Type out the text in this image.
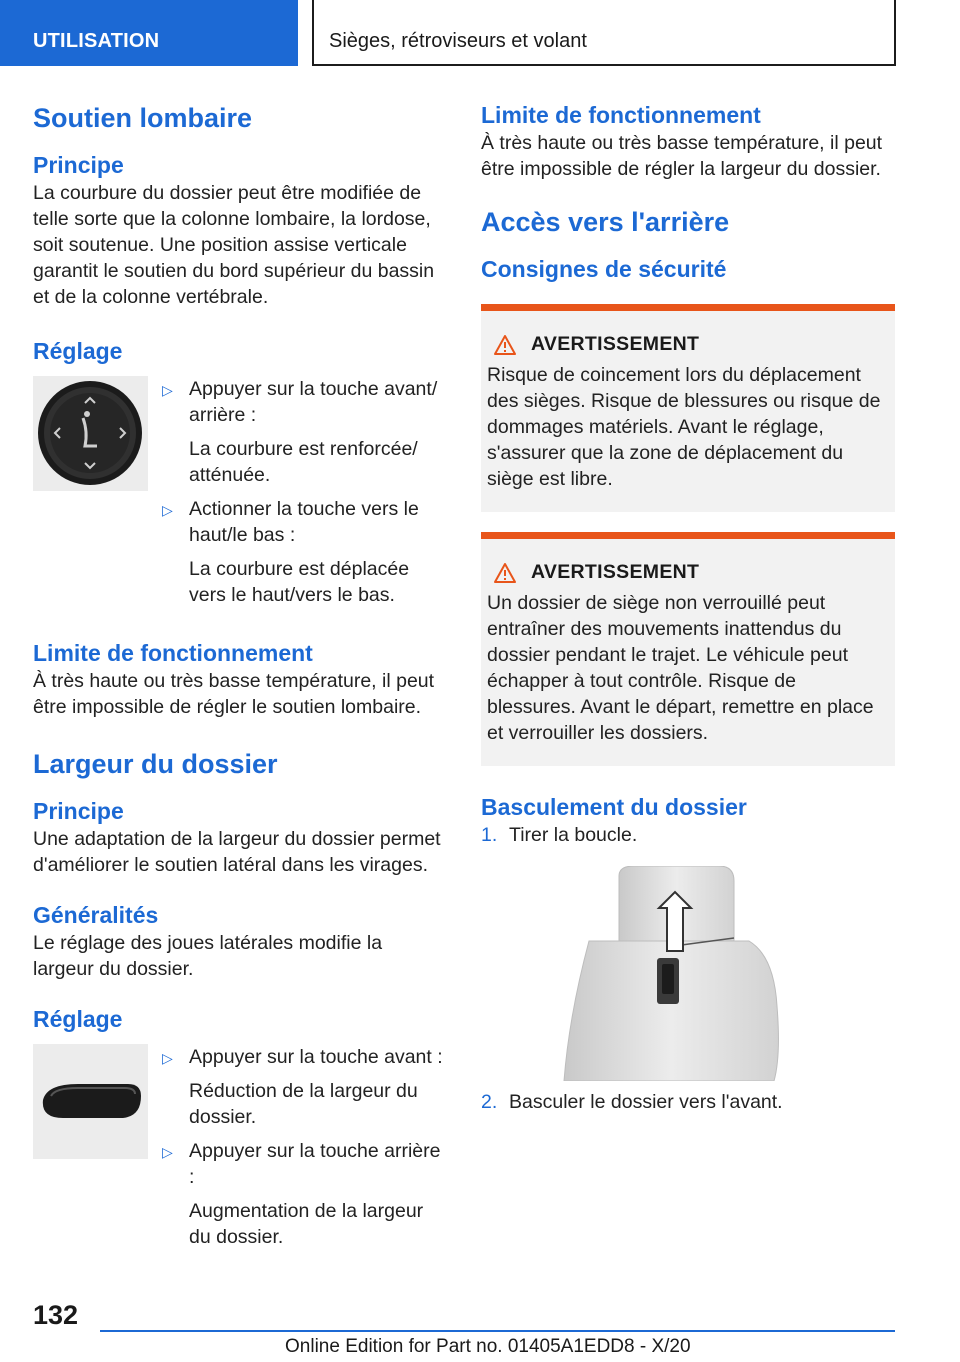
UTILISATION	Sièges, rétroviseurs et volant
Soutien lombaire
Principe

La courbure du dossier peut être modifiée de telle sorte que la colonne lombaire, la lordose, soit soutenue. Une position assise verticale garantit le soutien du bord supérieur du bassin et de la colonne vertébrale.

Réglage
▷ Appuyer sur la touche avant/ arrière :
La courbure est renforcée/ atténuée.
▷ Actionner la touche vers le haut/le bas :
La courbure est déplacée vers le haut/vers le bas.
Limite de fonctionnement

À très haute ou très basse température, il peut être impossible de régler le soutien lombaire.

Largeur du dossier
Principe

Une adaptation de la largeur du dossier permet d'améliorer le soutien latéral dans les virages.

Généralités

Le réglage des joues latérales modifie la largeur du dossier.

Réglage
▷ Appuyer sur la touche avant :
Réduction de la largeur du dossier.
▷ Appuyer sur la touche arrière :
Augmentation de la largeur du dossier.
Limite de fonctionnement

À très haute ou très basse température, il peut être impossible de régler la largeur du dossier.

Accès vers l'arrière
Consignes de sécurité
AVERTISSEMENT

Risque de coincement lors du déplacement des sièges. Risque de blessures ou risque de dommages matériels. Avant le réglage, s'assurer que la zone de déplacement du siège est libre.

AVERTISSEMENT

Un dossier de siège non verrouillé peut entraîner des mouvements inattendus du dossier pendant le trajet. Le véhicule peut échapper à tout contrôle. Risque de blessures. Avant le départ, remettre en place et verrouiller les dossiers.

Basculement du dossier
1. Tirer la boucle.
2. Basculer le dossier vers l'avant.
132
Online Edition for Part no. 01405A1EDD8 - X/20
